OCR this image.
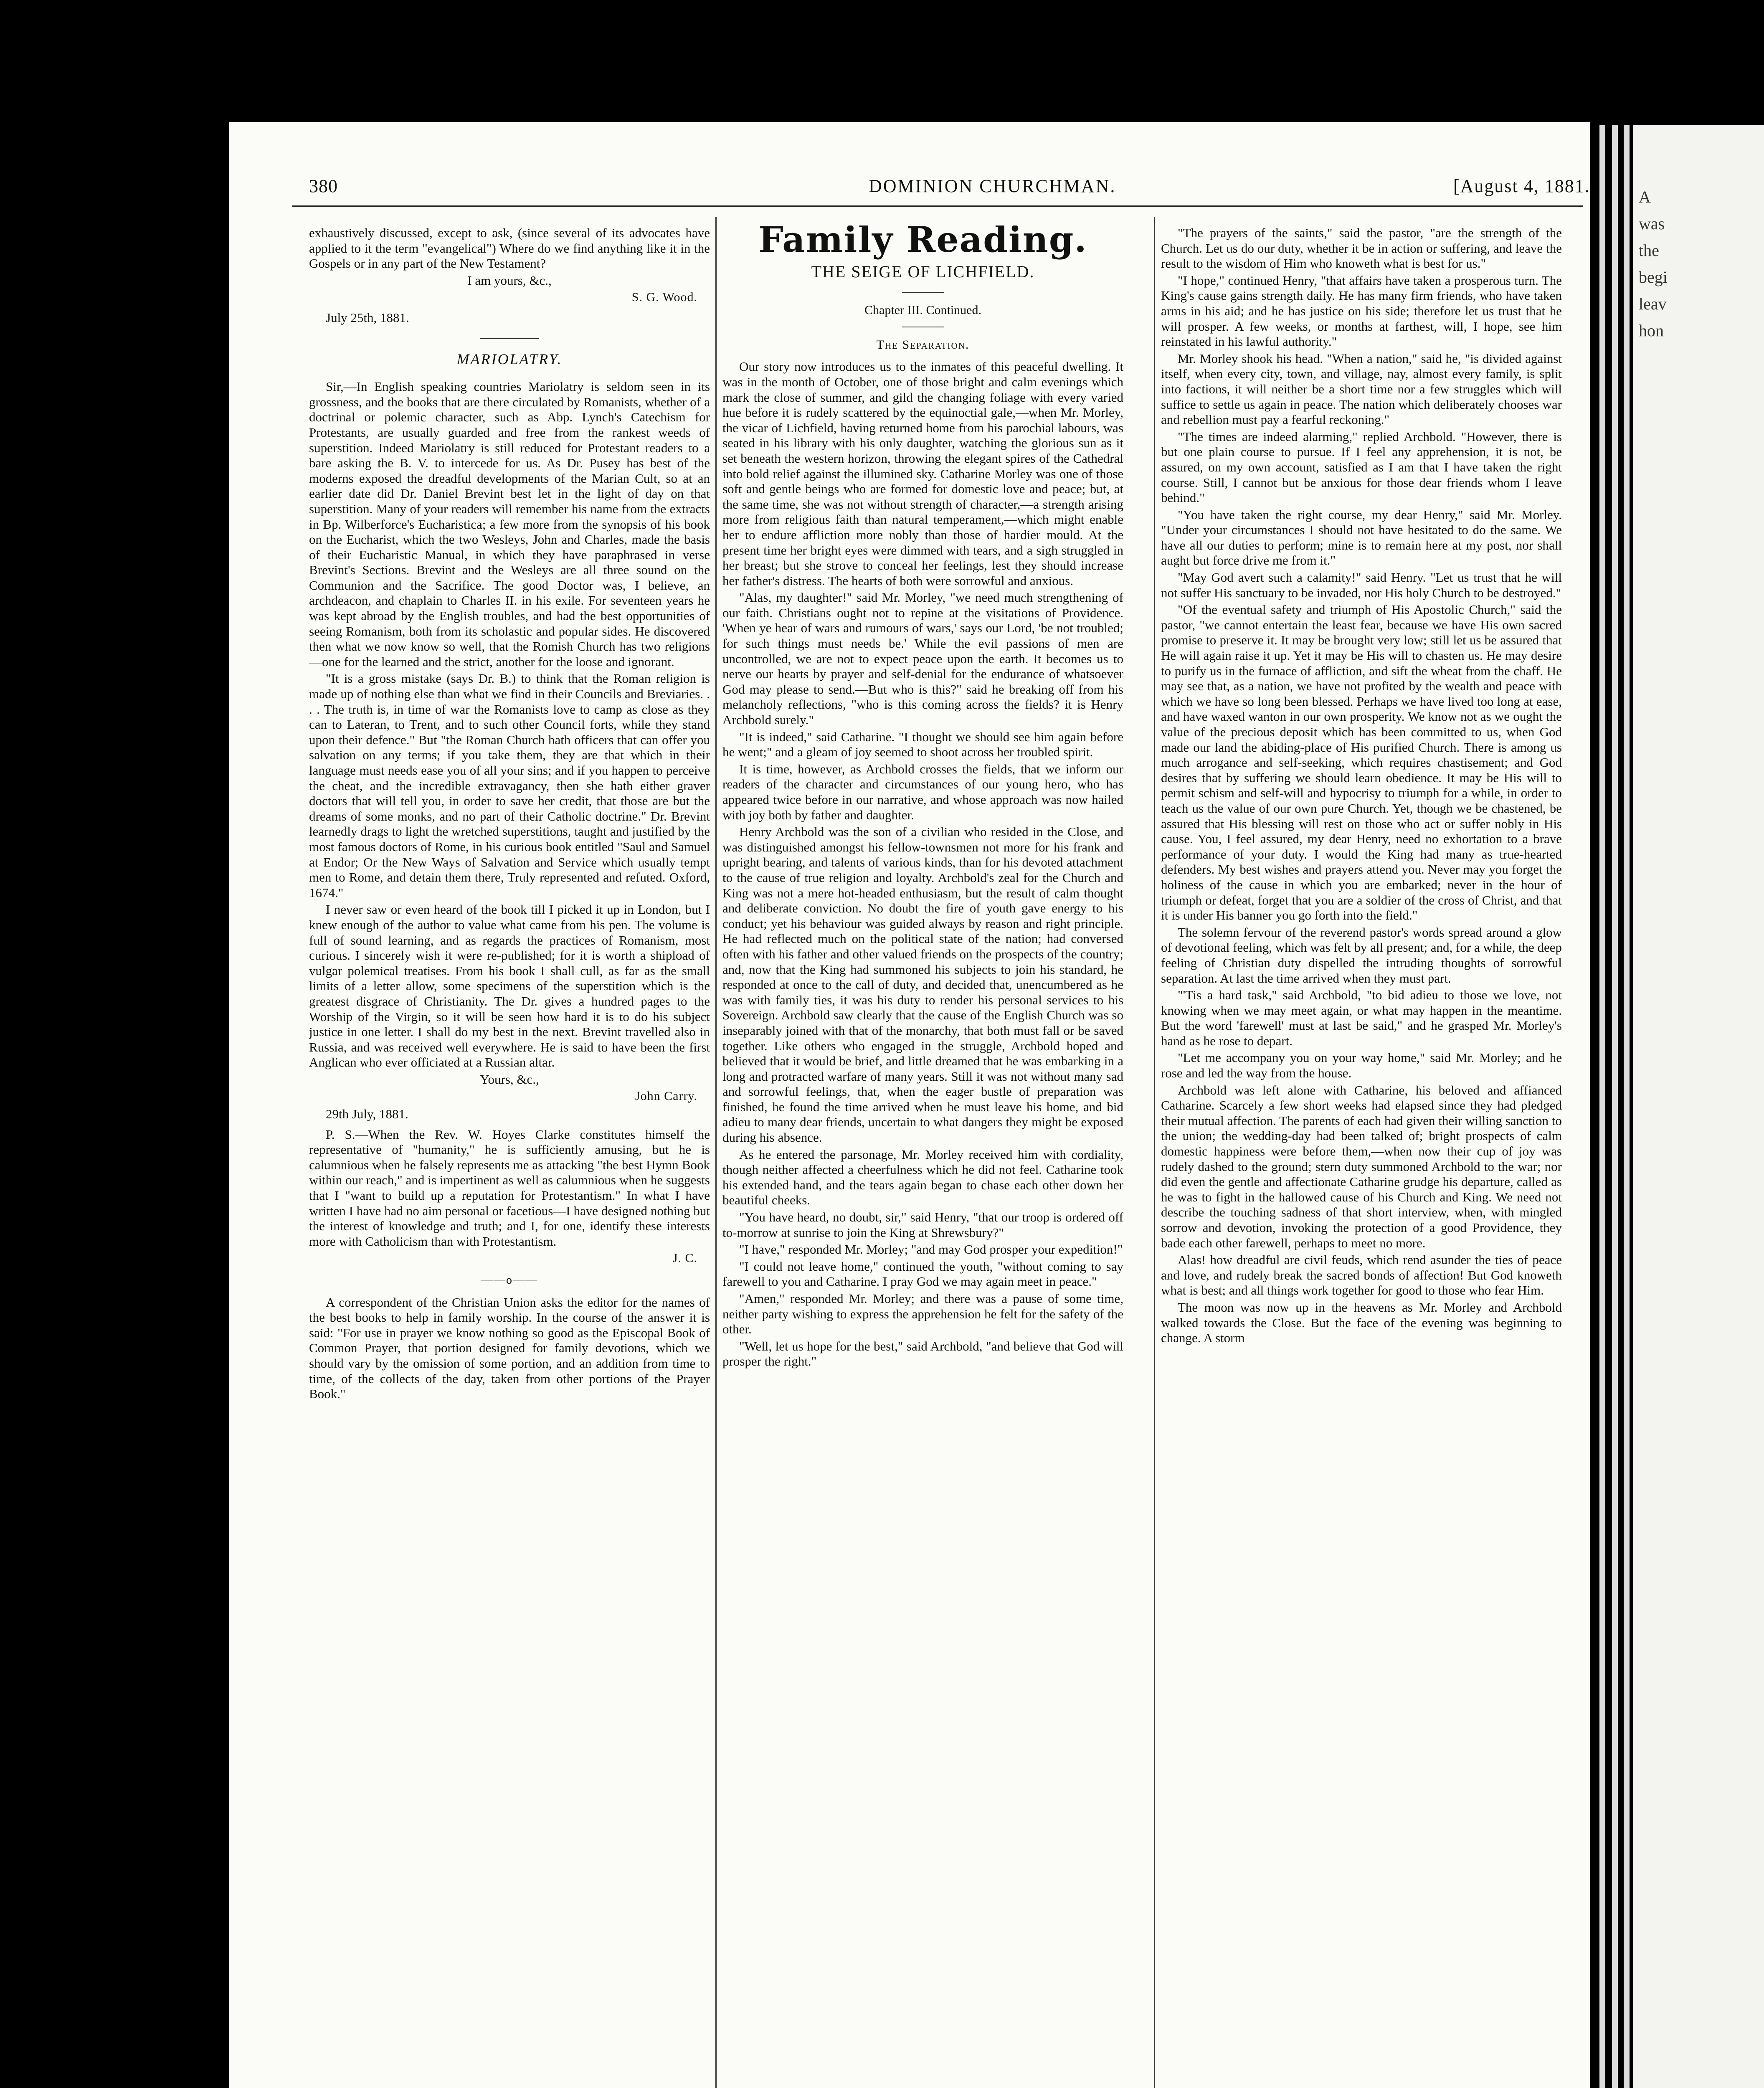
A
was
the
begi
leav
hon
380	DOMINION CHURCHMAN.	[August 4, 1881.

exhaustively discussed, except to ask, (since several of its advocates have applied to it the term "evangelical") Where do we find anything like it in the Gospels or in any part of the New Testament?

I am yours, &c.,
S. G. Wood.
July 25th, 1881.
MARIOLATRY.

Sir,—In English speaking countries Mariolatry is seldom seen in its grossness, and the books that are there circulated by Romanists, whether of a doctrinal or polemic character, such as Abp. Lynch's Catechism for Protestants, are usually guarded and free from the rankest weeds of superstition. Indeed Mariolatry is still reduced for Protestant readers to a bare asking the B. V. to intercede for us. As Dr. Pusey has best of the moderns exposed the dreadful developments of the Marian Cult, so at an earlier date did Dr. Daniel Brevint best let in the light of day on that superstition. Many of your readers will remember his name from the extracts in Bp. Wilberforce's Eucharistica; a few more from the synopsis of his book on the Eucharist, which the two Wesleys, John and Charles, made the basis of their Eucharistic Manual, in which they have paraphrased in verse Brevint's Sections. Brevint and the Wesleys are all three sound on the Communion and the Sacrifice. The good Doctor was, I believe, an archdeacon, and chaplain to Charles II. in his exile. For seventeen years he was kept abroad by the English troubles, and had the best opportunities of seeing Romanism, both from its scholastic and popular sides. He discovered then what we now know so well, that the Romish Church has two religions—one for the learned and the strict, another for the loose and ignorant.

"It is a gross mistake (says Dr. B.) to think that the Roman religion is made up of nothing else than what we find in their Councils and Breviaries. . . . The truth is, in time of war the Romanists love to camp as close as they can to Lateran, to Trent, and to such other Council forts, while they stand upon their defence." But "the Roman Church hath officers that can offer you salvation on any terms; if you take them, they are that which in their language must needs ease you of all your sins; and if you happen to perceive the cheat, and the incredible extravagancy, then she hath either graver doctors that will tell you, in order to save her credit, that those are but the dreams of some monks, and no part of their Catholic doctrine." Dr. Brevint learnedly drags to light the wretched superstitions, taught and justified by the most famous doctors of Rome, in his curious book entitled "Saul and Samuel at Endor; Or the New Ways of Salvation and Service which usually tempt men to Rome, and detain them there, Truly represented and refuted. Oxford, 1674."

I never saw or even heard of the book till I picked it up in London, but I knew enough of the author to value what came from his pen. The volume is full of sound learning, and as regards the practices of Romanism, most curious. I sincerely wish it were re-published; for it is worth a shipload of vulgar polemical treatises. From his book I shall cull, as far as the small limits of a letter allow, some specimens of the superstition which is the greatest disgrace of Christianity. The Dr. gives a hundred pages to the Worship of the Virgin, so it will be seen how hard it is to do his subject justice in one letter. I shall do my best in the next. Brevint travelled also in Russia, and was received well everywhere. He is said to have been the first Anglican who ever officiated at a Russian altar.

Yours, &c.,
John Carry.
29th July, 1881.

P. S.—When the Rev. W. Hoyes Clarke constitutes himself the representative of "humanity," he is sufficiently amusing, but he is calumnious when he falsely represents me as attacking "the best Hymn Book within our reach," and is impertinent as well as calumnious when he suggests that I "want to build up a reputation for Protestantism." In what I have written I have had no aim personal or facetious—I have designed nothing but the interest of knowledge and truth; and I, for one, identify these interests more with Catholicism than with Protestantism.

J. C.
——o——

A correspondent of the Christian Union asks the editor for the names of the best books to help in family worship. In the course of the answer it is said: "For use in prayer we know nothing so good as the Episcopal Book of Common Prayer, that portion designed for family devotions, which we should vary by the omission of some portion, and an addition from time to time, of the collects of the day, taken from other portions of the Prayer Book."

Family Reading.
THE SEIGE OF LICHFIELD.
Chapter III. Continued.
The Separation.

Our story now introduces us to the inmates of this peaceful dwelling. It was in the month of October, one of those bright and calm evenings which mark the close of summer, and gild the changing foliage with every varied hue before it is rudely scattered by the equinoctial gale,—when Mr. Morley, the vicar of Lichfield, having returned home from his parochial labours, was seated in his library with his only daughter, watching the glorious sun as it set beneath the western horizon, throwing the elegant spires of the Cathedral into bold relief against the illumined sky. Catharine Morley was one of those soft and gentle beings who are formed for domestic love and peace; but, at the same time, she was not without strength of character,—a strength arising more from religious faith than natural temperament,—which might enable her to endure affliction more nobly than those of hardier mould. At the present time her bright eyes were dimmed with tears, and a sigh struggled in her breast; but she strove to conceal her feelings, lest they should increase her father's distress. The hearts of both were sorrowful and anxious.

"Alas, my daughter!" said Mr. Morley, "we need much strengthening of our faith. Christians ought not to repine at the visitations of Providence. 'When ye hear of wars and rumours of wars,' says our Lord, 'be not troubled; for such things must needs be.' While the evil passions of men are uncontrolled, we are not to expect peace upon the earth. It becomes us to nerve our hearts by prayer and self-denial for the endurance of whatsoever God may please to send.—But who is this?" said he breaking off from his melancholy reflections, "who is this coming across the fields? it is Henry Archbold surely."

"It is indeed," said Catharine. "I thought we should see him again before he went;" and a gleam of joy seemed to shoot across her troubled spirit.

It is time, however, as Archbold crosses the fields, that we inform our readers of the character and circumstances of our young hero, who has appeared twice before in our narrative, and whose approach was now hailed with joy both by father and daughter.

Henry Archbold was the son of a civilian who resided in the Close, and was distinguished amongst his fellow-townsmen not more for his frank and upright bearing, and talents of various kinds, than for his devoted attachment to the cause of true religion and loyalty. Archbold's zeal for the Church and King was not a mere hot-headed enthusiasm, but the result of calm thought and deliberate conviction. No doubt the fire of youth gave energy to his conduct; yet his behaviour was guided always by reason and right principle. He had reflected much on the political state of the nation; had conversed often with his father and other valued friends on the prospects of the country; and, now that the King had summoned his subjects to join his standard, he responded at once to the call of duty, and decided that, unencumbered as he was with family ties, it was his duty to render his personal services to his Sovereign. Archbold saw clearly that the cause of the English Church was so inseparably joined with that of the monarchy, that both must fall or be saved together. Like others who engaged in the struggle, Archbold hoped and believed that it would be brief, and little dreamed that he was embarking in a long and protracted warfare of many years. Still it was not without many sad and sorrowful feelings, that, when the eager bustle of preparation was finished, he found the time arrived when he must leave his home, and bid adieu to many dear friends, uncertain to what dangers they might be exposed during his absence.

As he entered the parsonage, Mr. Morley received him with cordiality, though neither affected a cheerfulness which he did not feel. Catharine took his extended hand, and the tears again began to chase each other down her beautiful cheeks.

"You have heard, no doubt, sir," said Henry, "that our troop is ordered off to-morrow at sunrise to join the King at Shrewsbury?"

"I have," responded Mr. Morley; "and may God prosper your expedition!"

"I could not leave home," continued the youth, "without coming to say farewell to you and Catharine. I pray God we may again meet in peace."

"Amen," responded Mr. Morley; and there was a pause of some time, neither party wishing to express the apprehension he felt for the safety of the other.

"Well, let us hope for the best," said Archbold, "and believe that God will prosper the right."

"The prayers of the saints," said the pastor, "are the strength of the Church. Let us do our duty, whether it be in action or suffering, and leave the result to the wisdom of Him who knoweth what is best for us."

"I hope," continued Henry, "that affairs have taken a prosperous turn. The King's cause gains strength daily. He has many firm friends, who have taken arms in his aid; and he has justice on his side; therefore let us trust that he will prosper. A few weeks, or months at farthest, will, I hope, see him reinstated in his lawful authority."

Mr. Morley shook his head. "When a nation," said he, "is divided against itself, when every city, town, and village, nay, almost every family, is split into factions, it will neither be a short time nor a few struggles which will suffice to settle us again in peace. The nation which deliberately chooses war and rebellion must pay a fearful reckoning."

"The times are indeed alarming," replied Archbold. "However, there is but one plain course to pursue. If I feel any apprehension, it is not, be assured, on my own account, satisfied as I am that I have taken the right course. Still, I cannot but be anxious for those dear friends whom I leave behind."

"You have taken the right course, my dear Henry," said Mr. Morley. "Under your circumstances I should not have hesitated to do the same. We have all our duties to perform; mine is to remain here at my post, nor shall aught but force drive me from it."

"May God avert such a calamity!" said Henry. "Let us trust that he will not suffer His sanctuary to be invaded, nor His holy Church to be destroyed."

"Of the eventual safety and triumph of His Apostolic Church," said the pastor, "we cannot entertain the least fear, because we have His own sacred promise to preserve it. It may be brought very low; still let us be assured that He will again raise it up. Yet it may be His will to chasten us. He may desire to purify us in the furnace of affliction, and sift the wheat from the chaff. He may see that, as a nation, we have not profited by the wealth and peace with which we have so long been blessed. Perhaps we have lived too long at ease, and have waxed wanton in our own prosperity. We know not as we ought the value of the precious deposit which has been committed to us, when God made our land the abiding-place of His purified Church. There is among us much arrogance and self-seeking, which requires chastisement; and God desires that by suffering we should learn obedience. It may be His will to permit schism and self-will and hypocrisy to triumph for a while, in order to teach us the value of our own pure Church. Yet, though we be chastened, be assured that His blessing will rest on those who act or suffer nobly in His cause. You, I feel assured, my dear Henry, need no exhortation to a brave performance of your duty. I would the King had many as true-hearted defenders. My best wishes and prayers attend you. Never may you forget the holiness of the cause in which you are embarked; never in the hour of triumph or defeat, forget that you are a soldier of the cross of Christ, and that it is under His banner you go forth into the field."

The solemn fervour of the reverend pastor's words spread around a glow of devotional feeling, which was felt by all present; and, for a while, the deep feeling of Christian duty dispelled the intruding thoughts of sorrowful separation. At last the time arrived when they must part.

"'Tis a hard task," said Archbold, "to bid adieu to those we love, not knowing when we may meet again, or what may happen in the meantime. But the word 'farewell' must at last be said," and he grasped Mr. Morley's hand as he rose to depart.

"Let me accompany you on your way home," said Mr. Morley; and he rose and led the way from the house.

Archbold was left alone with Catharine, his beloved and affianced Catharine. Scarcely a few short weeks had elapsed since they had pledged their mutual affection. The parents of each had given their willing sanction to the union; the wedding-day had been talked of; bright prospects of calm domestic happiness were before them,—when now their cup of joy was rudely dashed to the ground; stern duty summoned Archbold to the war; nor did even the gentle and affectionate Catharine grudge his departure, called as he was to fight in the hallowed cause of his Church and King. We need not describe the touching sadness of that short interview, when, with mingled sorrow and devotion, invoking the protection of a good Providence, they bade each other farewell, perhaps to meet no more.

Alas! how dreadful are civil feuds, which rend asunder the ties of peace and love, and rudely break the sacred bonds of affection! But God knoweth what is best; and all things work together for good to those who fear Him.

The moon was now up in the heavens as Mr. Morley and Archbold walked towards the Close. But the face of the evening was beginning to change. A storm
